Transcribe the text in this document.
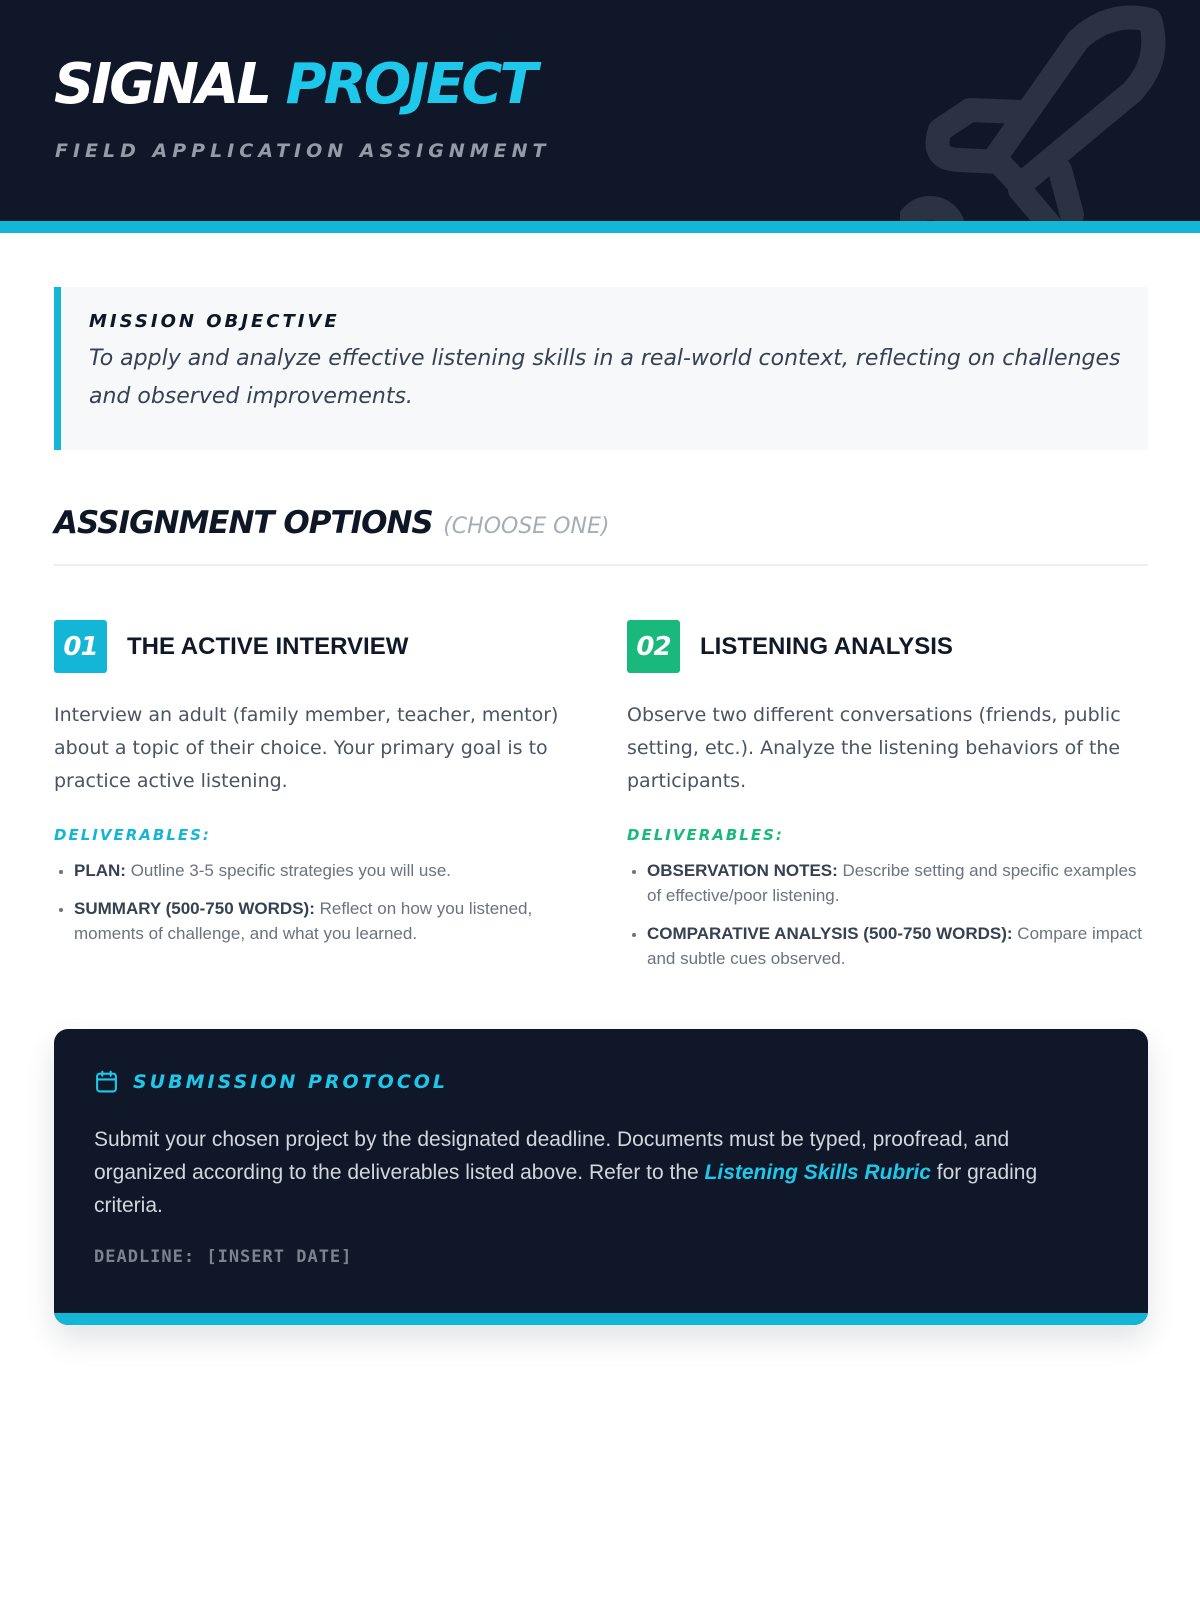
SIGNAL PROJECT
FIELD APPLICATION ASSIGNMENT
MISSION OBJECTIVE

To apply and analyze effective listening skills in a real-world context, reflecting on challenges and observed improvements.

ASSIGNMENT OPTIONS (CHOOSE ONE)
01	THE ACTIVE INTERVIEW

Interview an adult (family member, teacher, mentor) about a topic of their choice. Your primary goal is to practice active listening.

DELIVERABLES:
• PLAN: Outline 3-5 specific strategies you will use.
• SUMMARY (500-750 WORDS): Reflect on how you listened, moments of challenge, and what you learned.
02	LISTENING ANALYSIS

Observe two different conversations (friends, public setting, etc.). Analyze the listening behaviors of the participants.

DELIVERABLES:
• OBSERVATION NOTES: Describe setting and specific examples of effective/poor listening.
• COMPARATIVE ANALYSIS (500-750 WORDS): Compare impact and subtle cues observed.
SUBMISSION PROTOCOL

Submit your chosen project by the designated deadline. Documents must be typed, proofread, and organized according to the deliverables listed above. Refer to the Listening Skills Rubric for grading criteria.

DEADLINE: [INSERT DATE]
